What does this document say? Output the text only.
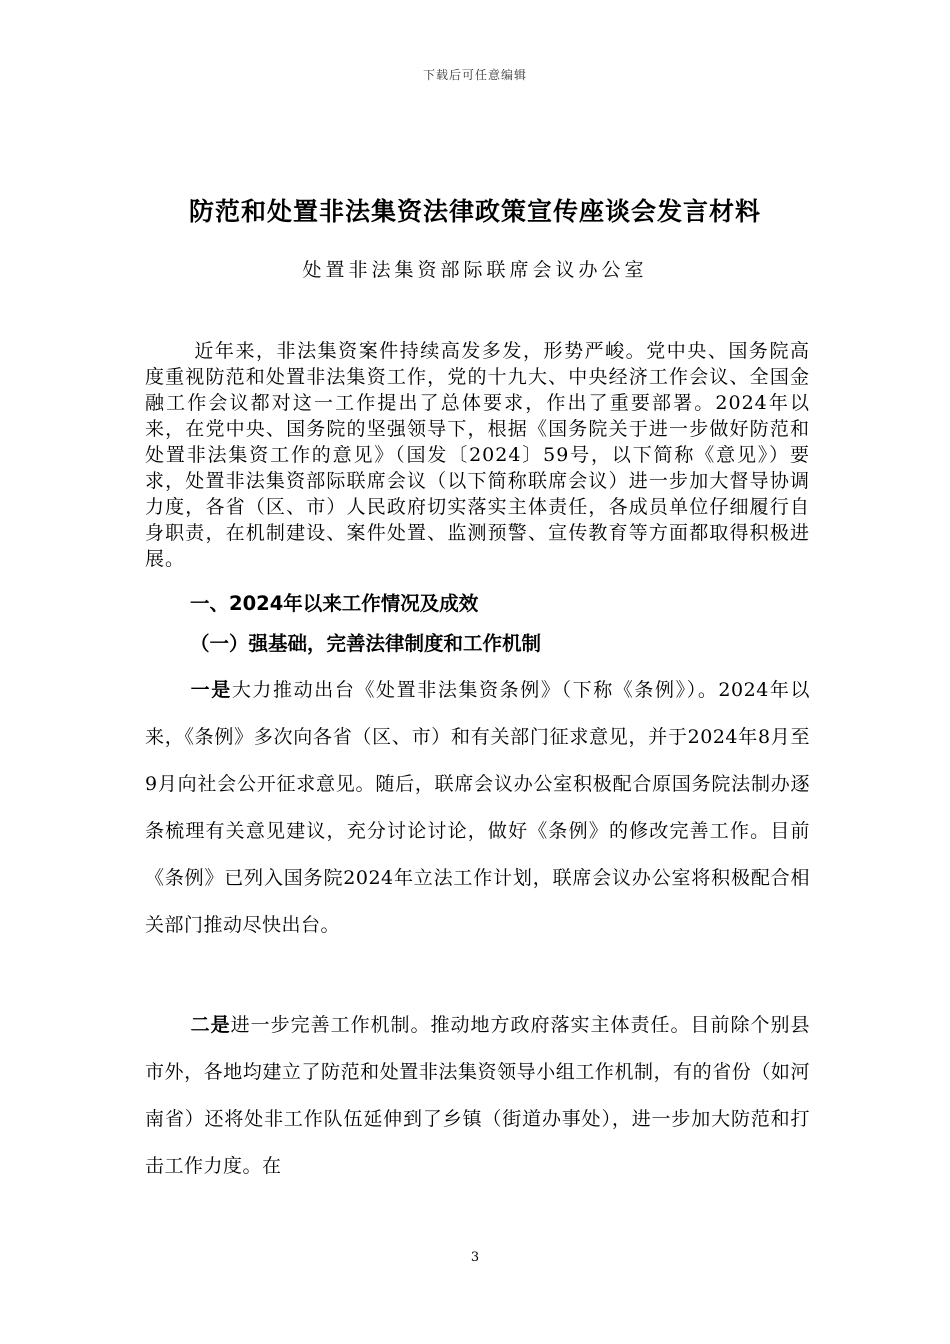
下载后可任意编辑
防范和处置非法集资法律政策宣传座谈会发言材料
处置非法集资部际联席会议办公室
近年来，非法集资案件持续高发多发，形势严峻。党中央、国务院高度重视防范和处置非法集资工作，党的十九大、中央经济工作会议、全国金融工作会议都对这一工作提出了总体要求，作出了重要部署。2024年以来，在党中央、国务院的坚强领导下，根据《国务院关于进一步做好防范和处置非法集资工作的意见》（国发〔2024〕59号，以下简称《意见》）要求，处置非法集资部际联席会议（以下简称联席会议）进一步加大督导协调力度，各省（区、市）人民政府切实落实主体责任，各成员单位仔细履行自身职责，在机制建设、案件处置、监测预警、宣传教育等方面都取得积极进展。
一、2024年以来工作情况及成效
（一）强基础，完善法律制度和工作机制
一是大力推动出台《处置非法集资条例》（下称《条例》）。2024年以来，《条例》多次向各省（区、市）和有关部门征求意见，并于2024年8月至9月向社会公开征求意见。随后，联席会议办公室积极配合原国务院法制办逐条梳理有关意见建议，充分讨论讨论，做好《条例》的修改完善工作。目前《条例》已列入国务院2024年立法工作计划，联席会议办公室将积极配合相关部门推动尽快出台。
二是进一步完善工作机制。推动地方政府落实主体责任。目前除个别县市外，各地均建立了防范和处置非法集资领导小组工作机制，有的省份（如河南省）还将处非工作队伍延伸到了乡镇（街道办事处），进一步加大防范和打击工作力度。在
3
